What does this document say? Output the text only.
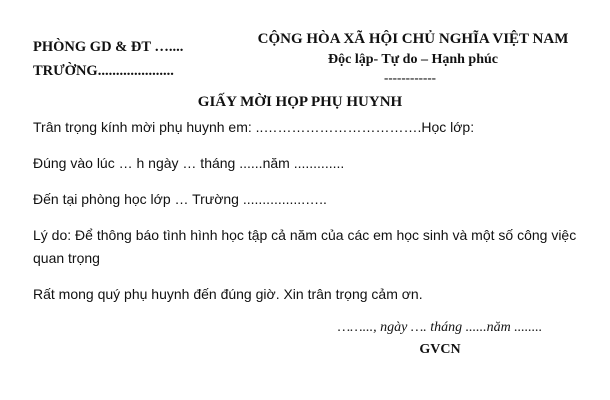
PHÒNG GD & ĐT …....
TRƯỜNG.....................
CỘNG HÒA XÃ HỘI CHỦ NGHĨA VIỆT NAM
Độc lập- Tự do – Hạnh phúc
------------
GIẤY MỜI HỌP PHỤ HUYNH
Trân trọng kính mời phụ huynh em: ..…………………………….Học lớp:
Đúng vào lúc … h ngày … tháng ......năm .............
Đến tại phòng học lớp … Trường ................…..
Lý do: Để thông báo tình hình học tập cả năm của các em học sinh và một số công việc
quan trọng
Rất mong quý phụ huynh đến đúng giờ. Xin trân trọng cảm ơn.
……..., ngày …. tháng ......năm ........
GVCN
